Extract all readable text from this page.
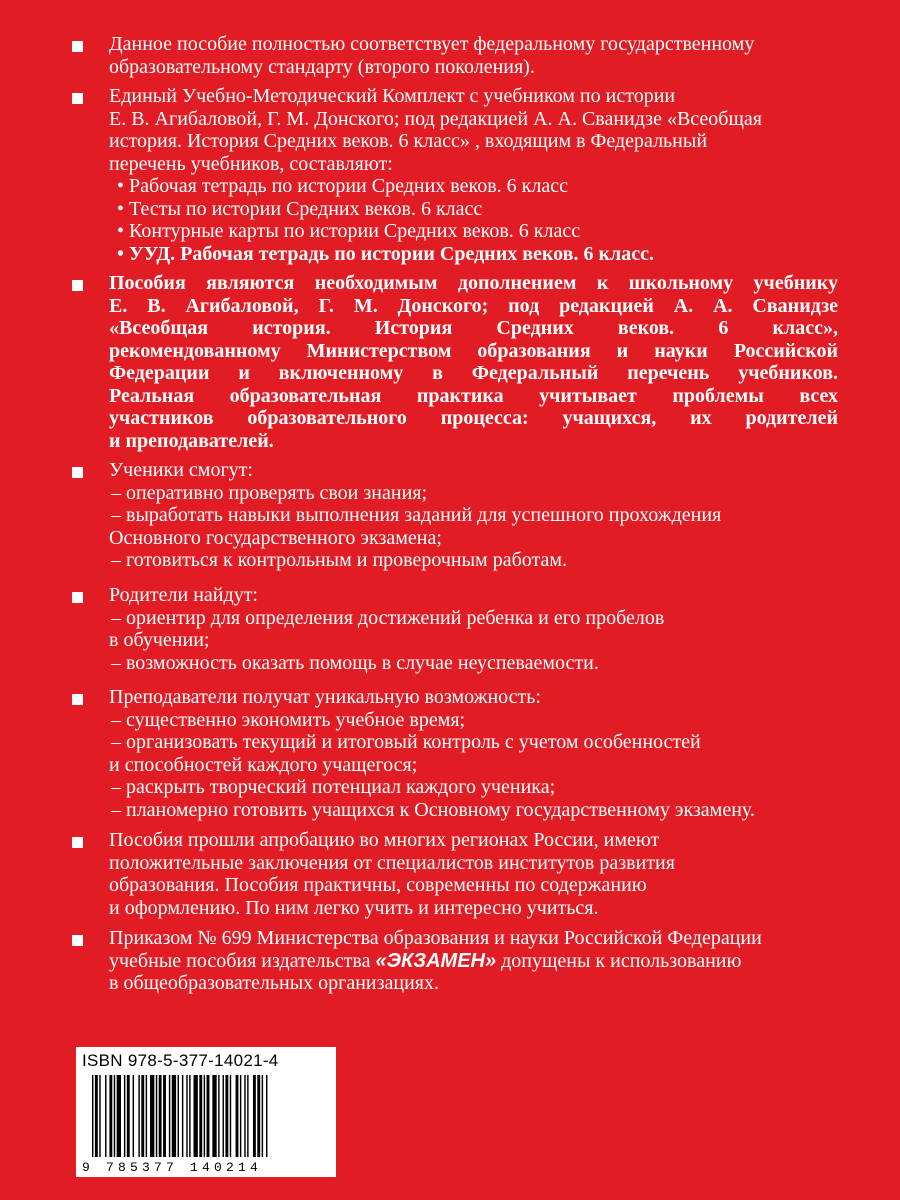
Данное пособие полностью соответствует федеральному государственному
образовательному стандарту (второго поколения).
Единый Учебно-Методический Комплект с учебником по истории
Е. В. Агибаловой, Г. М. Донского; под редакцией А. А. Сванидзе «Всеобщая
история. История Средних веков. 6 класс» , входящим в Федеральный
перечень учебников, составляют:
• Рабочая тетрадь по истории Средних веков. 6 класс
• Тесты по истории Средних веков. 6 класс
• Контурные карты по истории Средних веков. 6 класс
• УУД. Рабочая тетрадь по истории Средних веков. 6 класс.
Пособия являются необходимым дополнением к школьному учебнику
Е. В. Агибаловой, Г. М. Донского; под редакцией А. А. Сванидзе
«Всеобщая история. История Средних веков. 6 класс»,
рекомендованному Министерством образования и науки Российской
Федерации и включенному в Федеральный перечень учебников.
Реальная образовательная практика учитывает проблемы всех
участников образовательного процесса: учащихся, их родителей
и преподавателей.
Ученики смогут:
– оперативно проверять свои знания;
– выработать навыки выполнения заданий для успешного прохождения
Основного государственного экзамена;
– готовиться к контрольным и проверочным работам.
Родители найдут:
– ориентир для определения достижений ребенка и его пробелов
в обучении;
– возможность оказать помощь в случае неуспеваемости.
Преподаватели получат уникальную возможность:
– существенно экономить учебное время;
– организовать текущий и итоговый контроль с учетом особенностей
и способностей каждого учащегося;
– раскрыть творческий потенциал каждого ученика;
– планомерно готовить учащихся к Основному государственному экзамену.
Пособия прошли апробацию во многих регионах России, имеют
положительные заключения от специалистов институтов развития
образования. Пособия практичны, современны по содержанию
и оформлению. По ним легко учить и интересно учиться.
Приказом № 699 Министерства образования и науки Российской Федерации
учебные пособия издательства «ЭКЗАМЕН» допущены к использованию
в общеобразовательных организациях.
ISBN 978-5-377-14021-4
9 785377 140214
